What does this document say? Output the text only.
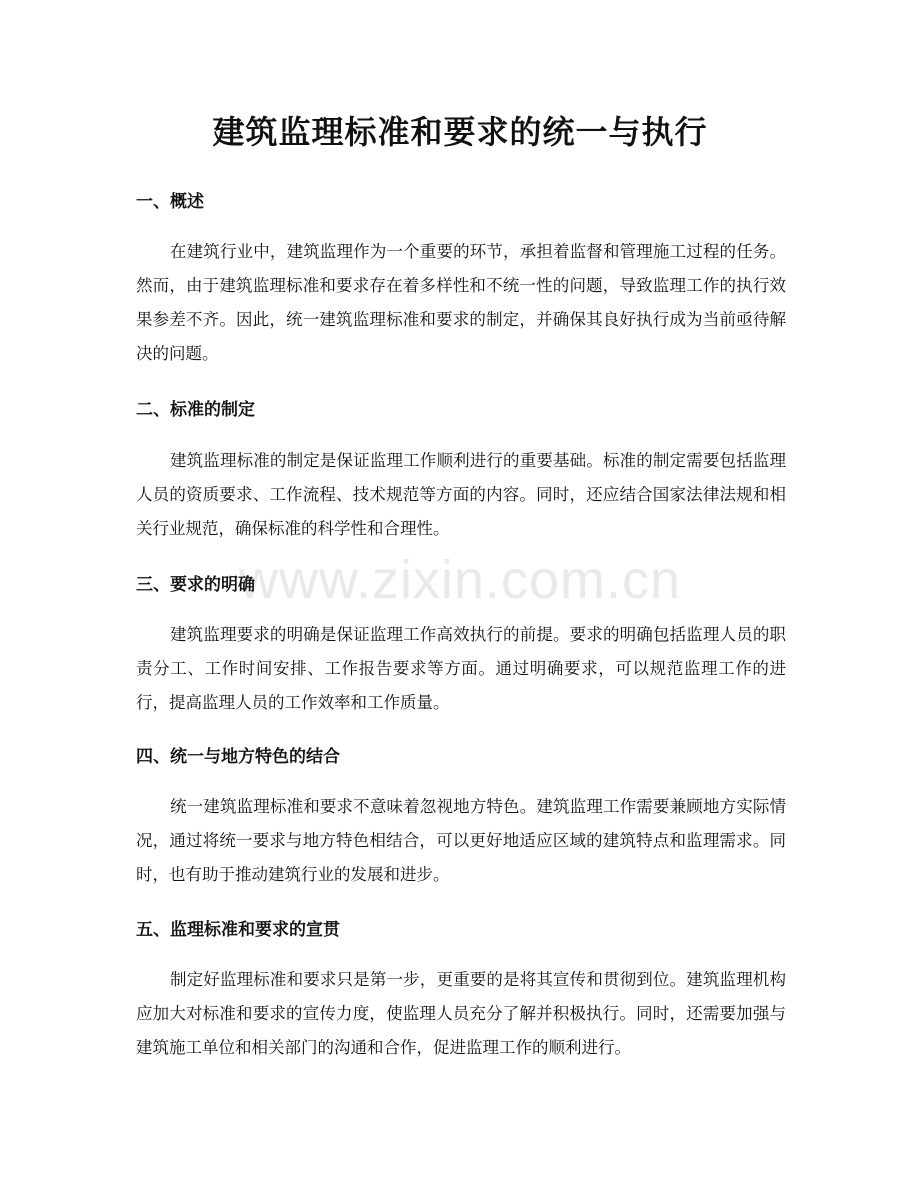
建筑监理标准和要求的统一与执行
一、概述

在建筑行业中，建筑监理作为一个重要的环节，承担着监督和管理施工过程的任务。然而，由于建筑监理标准和要求存在着多样性和不统一性的问题，导致监理工作的执行效果参差不齐。因此，统一建筑监理标准和要求的制定，并确保其良好执行成为当前亟待解决的问题。

二、标准的制定

建筑监理标准的制定是保证监理工作顺利进行的重要基础。标准的制定需要包括监理人员的资质要求、工作流程、技术规范等方面的内容。同时，还应结合国家法律法规和相关行业规范，确保标准的科学性和合理性。

三、要求的明确

建筑监理要求的明确是保证监理工作高效执行的前提。要求的明确包括监理人员的职责分工、工作时间安排、工作报告要求等方面。通过明确要求，可以规范监理工作的进行，提高监理人员的工作效率和工作质量。

四、统一与地方特色的结合

统一建筑监理标准和要求不意味着忽视地方特色。建筑监理工作需要兼顾地方实际情况，通过将统一要求与地方特色相结合，可以更好地适应区域的建筑特点和监理需求。同时，也有助于推动建筑行业的发展和进步。

五、监理标准和要求的宣贯

制定好监理标准和要求只是第一步，更重要的是将其宣传和贯彻到位。建筑监理机构应加大对标准和要求的宣传力度，使监理人员充分了解并积极执行。同时，还需要加强与建筑施工单位和相关部门的沟通和合作，促进监理工作的顺利进行。

www.zixin.com.cn
